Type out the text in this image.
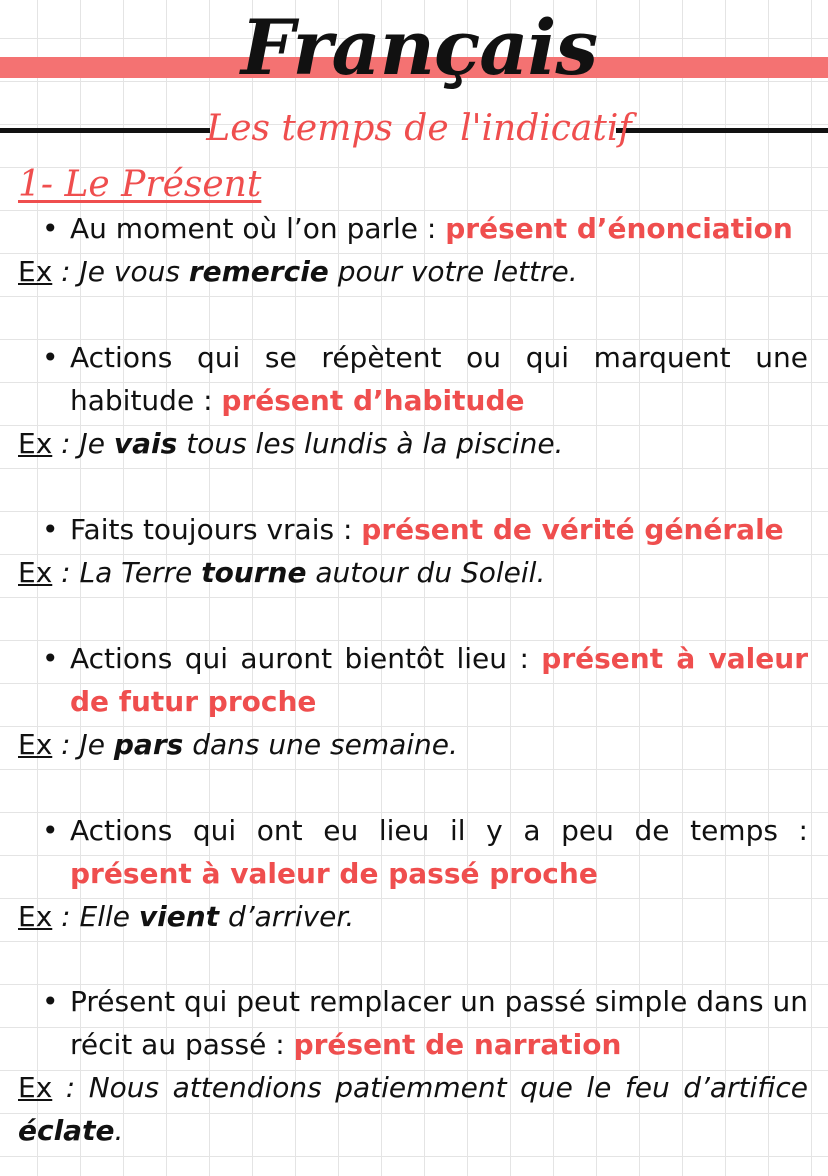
Français
Les temps de l'indicatif
1- Le Présent
• Au moment où l’on parle : présent d’énonciation
Ex : Je vous remercie pour votre lettre.
• Actions qui se répètent ou qui marquent une habitude : présent d’habitude
Ex : Je vais tous les lundis à la piscine.
• Faits toujours vrais : présent de vérité générale
Ex : La Terre tourne autour du Soleil.
• Actions qui auront bientôt lieu : présent à valeur de futur proche
Ex : Je pars dans une semaine.
• Actions qui ont eu lieu il y a peu de temps : présent à valeur de passé proche
Ex : Elle vient d’arriver.
• Présent qui peut remplacer un passé simple dans un récit au passé : présent de narration
Ex : Nous attendions patiemment que le feu d’artifice éclate.
